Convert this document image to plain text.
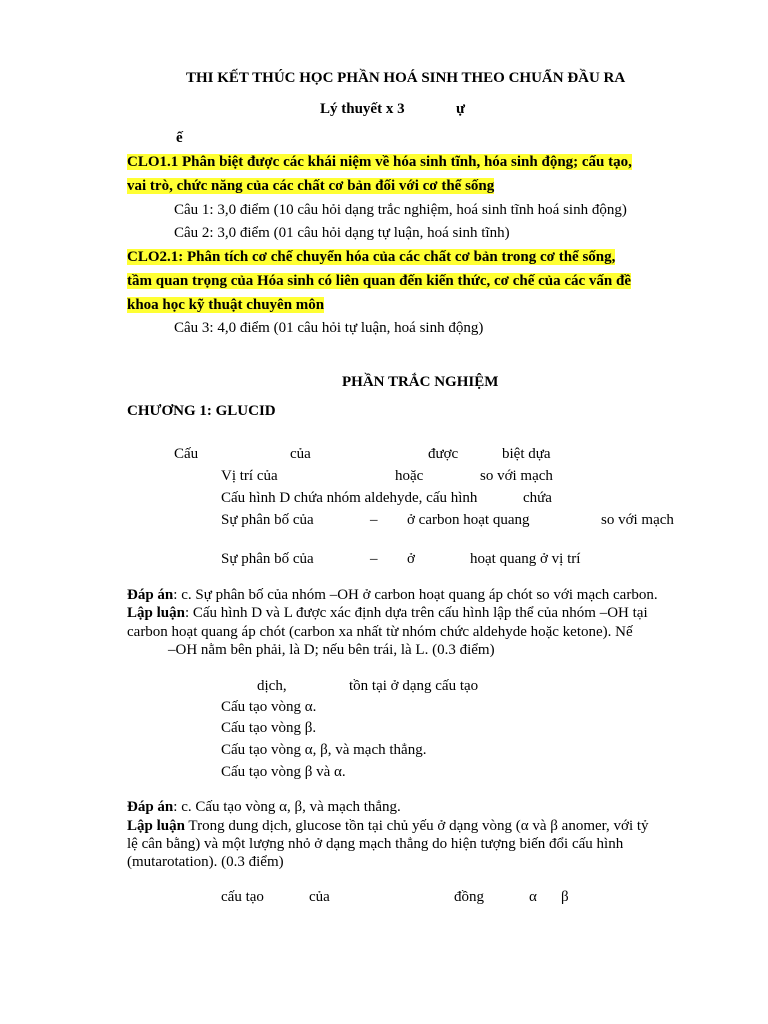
THI KẾT THÚC HỌC PHẦN HOÁ SINH THEO CHUẨN ĐẦU RA
Lý thuyết x 3	ự
ế
CLO1.1 Phân biệt được các khái niệm về hóa sinh tĩnh, hóa sinh động; cấu tạo,
vai trò, chức năng của các chất cơ bản đối với cơ thể sống
Câu 1: 3,0 điểm (10 câu hỏi dạng trắc nghiệm, hoá sinh tĩnh hoá sinh động)
Câu 2: 3,0 điểm (01 câu hỏi dạng tự luận, hoá sinh tĩnh)
CLO2.1: Phân tích cơ chế chuyển hóa của các chất cơ bản trong cơ thể sống,
tầm quan trọng của Hóa sinh có liên quan đến kiến thức, cơ chế của các vấn đề
khoa học kỹ thuật chuyên môn
Câu 3: 4,0 điểm (01 câu hỏi tự luận, hoá sinh động)
PHẦN TRẮC NGHIỆM
CHƯƠNG 1: GLUCID
Cấu	của	được	biệt dựa
Vị trí của	hoặc	so với mạch
Cấu hình D chứa nhóm aldehyde, cấu hình	chứa
Sự phân bố của	– ở carbon hoạt quang	so với mạch
Sự phân bố của	– ở	hoạt quang ở vị trí
Đáp án: c. Sự phân bố của nhóm –OH ở carbon hoạt quang áp chót so với mạch carbon.
Lập luận: Cấu hình D và L được xác định dựa trên cấu hình lập thể của nhóm –OH tại
carbon hoạt quang áp chót (carbon xa nhất từ nhóm chức aldehyde hoặc ketone). Nế
–OH nằm bên phải, là D; nếu bên trái, là L. (0.3 điểm)
dịch,	tồn tại ở dạng cấu tạo
Cấu tạo vòng α.
Cấu tạo vòng β.
Cấu tạo vòng α, β, và mạch thẳng.
Cấu tạo vòng β và α.
Đáp án: c. Cấu tạo vòng α, β, và mạch thẳng.
Lập luận Trong dung dịch, glucose tồn tại chủ yếu ở dạng vòng (α và β anomer, với tỷ
lệ cân bằng) và một lượng nhỏ ở dạng mạch thẳng do hiện tượng biến đổi cấu hình
(mutarotation). (0.3 điểm)
cấu tạo	của	đồng	α β
